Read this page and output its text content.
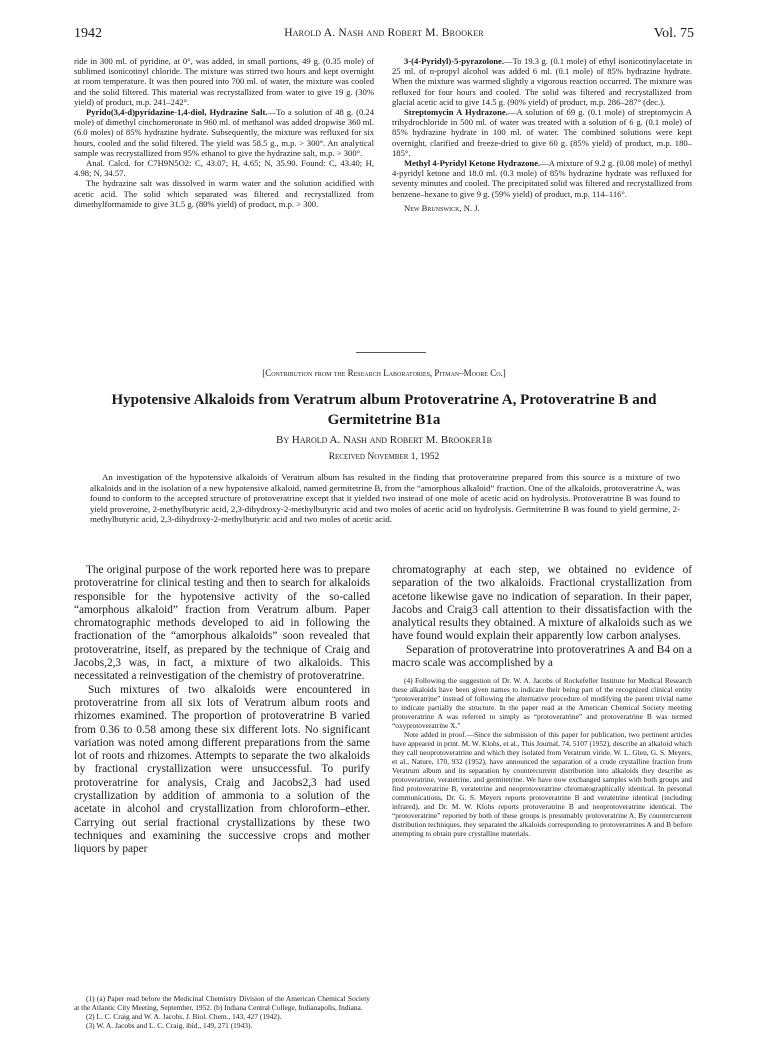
1942	Harold A. Nash and Robert M. Brooker	Vol. 75

ride in 300 ml. of pyridine, at 0°, was added, in small portions, 49 g. (0.35 mole) of sublimed isonicotinyl chloride. The mixture was stirred two hours and kept overnight at room temperature. It was then poured into 700 ml. of water, the mixture was cooled and the solid filtered. This material was recrystallized from water to give 19 g. (30% yield) of product, m.p. 241–242°.

Pyrido(3,4-d)pyridazine-1,4-diol, Hydrazine Salt.—To a solution of 48 g. (0.24 mole) of dimethyl cinchomeronate in 960 ml. of methanol was added dropwise 360 ml. (6.0 moles) of 85% hydrazine hydrate. Subsequently, the mixture was refluxed for six hours, cooled and the solid filtered. The yield was 58.5 g., m.p. > 300°. An analytical sample was recrystallized from 95% ethanol to give the hydrazine salt, m.p. > 300°.

Anal. Calcd. for C7H9N5O2: C, 43.07; H, 4.65; N, 35.90. Found: C, 43.40; H, 4.98; N, 34.57.

The hydrazine salt was dissolved in warm water and the solution acidified with acetic acid. The solid which separated was filtered and recrystallized from dimethylformamide to give 31.5 g. (80% yield) of product, m.p. > 300.

3-(4-Pyridyl)-5-pyrazolone.—To 19.3 g. (0.1 mole) of ethyl isonicotinylacetate in 25 ml. of n-propyl alcohol was added 6 ml. (0.1 mole) of 85% hydrazine hydrate. When the mixture was warmed slightly a vigorous reaction occurred. The mixture was refluxed for four hours and cooled. The solid was filtered and recrystallized from glacial acetic acid to give 14.5 g. (90% yield) of product, m.p. 286–287° (dec.).

Streptomycin A Hydrazone.—A solution of 69 g. (0.1 mole) of streptomycin A trihydrochloride in 500 ml. of water was treated with a solution of 6 g. (0.1 mole) of 85% hydrazine hydrate in 100 ml. of water. The combined solutions were kept overnight, clarified and freeze-dried to give 60 g. (85% yield) of product, m.p. 180–185°.

Methyl 4-Pyridyl Ketone Hydrazone.—A mixture of 9.2 g. (0.08 mole) of methyl 4-pyridyl ketone and 18.0 ml. (0.3 mole) of 85% hydrazine hydrate was refluxed for seventy minutes and cooled. The precipitated solid was filtered and recrystallized from benzene–hexane to give 9 g. (59% yield) of product, m.p. 114–116°.

New Brunswick, N. J.

[Contribution from the Research Laboratories, Pitman–Moore Co.]
Hypotensive Alkaloids from Veratrum album Protoveratrine A, Protoveratrine B and Germitetrine B1a
By Harold A. Nash and Robert M. Brooker1b
Received November 1, 1952
An investigation of the hypotensive alkaloids of Veratrum album has resulted in the finding that protoveratrine prepared from this source is a mixture of two alkaloids and in the isolation of a new hypotensive alkaloid, named germitetrine B, from the “amorphous alkaloid” fraction. One of the alkaloids, protoveratrine A, was found to conform to the accepted structure of protoveratrine except that it yielded two instead of one mole of acetic acid on hydrolysis. Protoveratrine B was found to yield proveroine, 2-methylbutyric acid, 2,3-dihydroxy-2-methylbutyric acid and two moles of acetic acid on hydrolysis. Germitetrine B was found to yield germine, 2-methylbutyric acid, 2,3-dihydroxy-2-methylbutyric acid and two moles of acetic acid.

The original purpose of the work reported here was to prepare protoveratrine for clinical testing and then to search for alkaloids responsible for the hypotensive activity of the so-called “amorphous alkaloid” fraction from Veratrum album. Paper chromatographic methods developed to aid in following the fractionation of the “amorphous alkaloids” soon revealed that protoveratrine, itself, as prepared by the technique of Craig and Jacobs,2,3 was, in fact, a mixture of two alkaloids. This necessitated a reinvestigation of the chemistry of protoveratrine.

Such mixtures of two alkaloids were encountered in protoveratrine from all six lots of Veratrum album roots and rhizomes examined. The proportion of protoveratrine B varied from 0.36 to 0.58 among these six different lots. No significant variation was noted among different preparations from the same lot of roots and rhizomes. Attempts to separate the two alkaloids by fractional crystallization were unsuccessful. To purify protoveratrine for analysis, Craig and Jacobs2,3 had used crystallization by addition of ammonia to a solution of the acetate in alcohol and crystallization from chloroform–ether. Carrying out serial fractional crystallizations by these two techniques and examining the successive crops and mother liquors by paper

chromatography at each step, we obtained no evidence of separation of the two alkaloids. Fractional crystallization from acetone likewise gave no indication of separation. In their paper, Jacobs and Craig3 call attention to their dissatisfaction with the analytical results they obtained. A mixture of alkaloids such as we have found would explain their apparently low carbon analyses.

Separation of protoveratrine into protoveratrines A and B4 on a macro scale was accomplished by a

(4) Following the suggestion of Dr. W. A. Jacobs of Rockefeller Institute for Medical Research these alkaloids have been given names to indicate their being part of the recognized clinical entity “protoveratrine” instead of following the alternative procedure of modifying the parent trivial name to indicate partially the structure. In the paper read at the American Chemical Society meeting protoveratrine A was referred to simply as “protoveratrine” and protoveratrine B was termed “oxyprotoveratrine X.”

Note added in proof.—Since the submission of this paper for publication, two pertinent articles have appeared in print. M. W. Klohs, et al., This Journal, 74, 5107 (1952), describe an alkaloid which they call neoprotoveratrine and which they isolated from Veratrum viride. W. L. Glen, G. S. Meyers, et al., Nature, 170, 932 (1952), have announced the separation of a crude crystalline fraction from Veratrum album and its separation by countercurrent distribution into alkaloids they describe as protoveratrine, veratetrine, and germitetrine. We have now exchanged samples with both groups and find protoveratrine B, veratetrine and neoprotoveratrine chromatographically identical. In personal communications, Dr. G. S. Meyers reports protoveratrine B and veratetrine identical (including infrared), and Dr. M. W. Klohs reports protoveratrine B and neoprotoveratrine identical. The “protoveratrine” reported by both of these groups is presumably protoveratrine A. By countercurrent distribution techniques, they separated the alkaloids corresponding to protoveratrines A and B before attempting to obtain pure crystalline materials.

(1) (a) Paper read before the Medicinal Chemistry Division of the American Chemical Society at the Atlantic City Meeting, September, 1952. (b) Indiana Central College, Indianapolis, Indiana.

(2) L. C. Craig and W. A. Jacobs, J. Biol. Chem., 143, 427 (1942).

(3) W. A. Jacobs and L. C. Craig, ibid., 149, 271 (1943).
